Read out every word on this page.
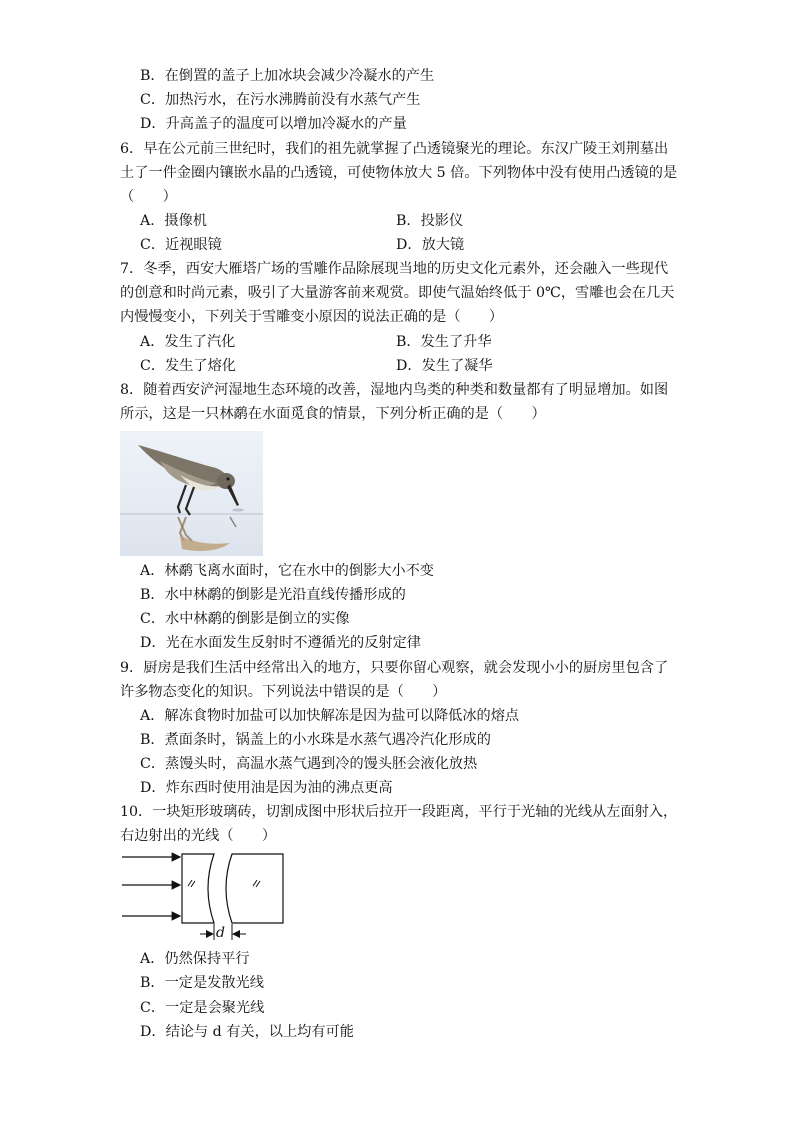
B．在倒置的盖子上加冰块会减少冷凝水的产生
C．加热污水，在污水沸腾前没有水蒸气产生
D．升高盖子的温度可以增加冷凝水的产量
6．早在公元前三世纪时，我们的祖先就掌握了凸透镜聚光的理论。东汉广陵王刘荆墓出
土了一件金圈内镶嵌水晶的凸透镜，可使物体放大 5 倍。下列物体中没有使用凸透镜的是
（　　）
A．摄像机	B．投影仪
C．近视眼镜	D．放大镜
7．冬季，西安大雁塔广场的雪雕作品除展现当地的历史文化元素外，还会融入一些现代
的创意和时尚元素，吸引了大量游客前来观赏。即使气温始终低于 0℃，雪雕也会在几天
内慢慢变小，下列关于雪雕变小原因的说法正确的是（　　）
A．发生了汽化	B．发生了升华
C．发生了熔化	D．发生了凝华
8．随着西安浐河湿地生态环境的改善，湿地内鸟类的种类和数量都有了明显增加。如图
所示，这是一只林鹬在水面觅食的情景，下列分析正确的是（　　）
A．林鹬飞离水面时，它在水中的倒影大小不变
B．水中林鹬的倒影是光沿直线传播形成的
C．水中林鹬的倒影是倒立的实像
D．光在水面发生反射时不遵循光的反射定律
9．厨房是我们生活中经常出入的地方，只要你留心观察，就会发现小小的厨房里包含了
许多物态变化的知识。下列说法中错误的是（　　）
A．解冻食物时加盐可以加快解冻是因为盐可以降低冰的熔点
B．煮面条时，锅盖上的小水珠是水蒸气遇冷汽化形成的
C．蒸馒头时，高温水蒸气遇到冷的馒头胚会液化放热
D．炸东西时使用油是因为油的沸点更高
10．一块矩形玻璃砖，切割成图中形状后拉开一段距离，平行于光轴的光线从左面射入，
右边射出的光线（　　）
d
A．仍然保持平行
B．一定是发散光线
C．一定是会聚光线
D．结论与 d 有关，以上均有可能
